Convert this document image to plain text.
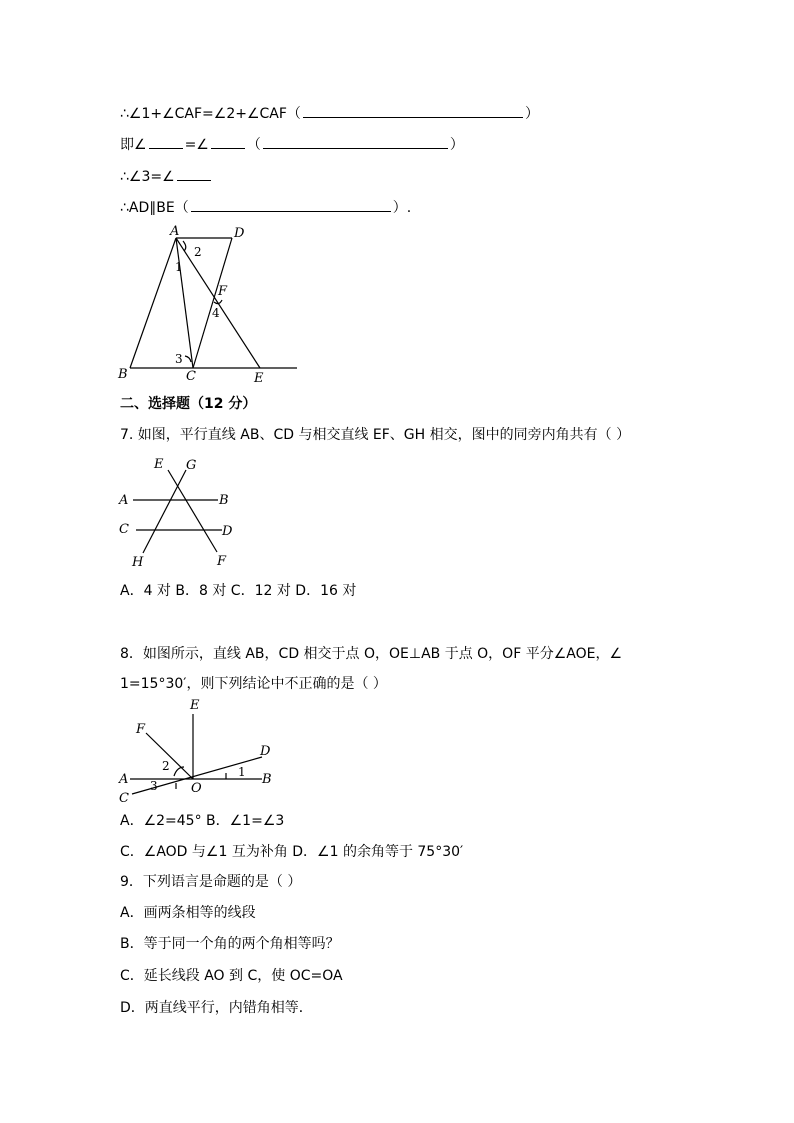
∴∠1+∠CAF=∠2+∠CAF（	）
即∠	=∠	（	）
∴∠3=∠
∴AD∥BE（	）.
A	D
F
B	C	E
1
2
3
4
二、选择题（12 分）
7. 如图，平行直线 AB、CD 与相交直线 EF、GH 相交，图中的同旁内角共有（ ）
E G
A	B
C	D
H	F
A．4 对 B．8 对 C．12 对 D．16 对
8．如图所示，直线 AB，CD 相交于点 O，OE⊥AB 于点 O，OF 平分∠AOE，∠
1=15°30′，则下列结论中不正确的是（ ）
E
F
D
A	B
C
O
2	1
3
A．∠2=45° B．∠1=∠3
C．∠AOD 与∠1 互为补角 D．∠1 的余角等于 75°30′
9．下列语言是命题的是（ ）
A．画两条相等的线段
B．等于同一个角的两个角相等吗？
C．延长线段 AO 到 C，使 OC=OA
D．两直线平行，内错角相等．
